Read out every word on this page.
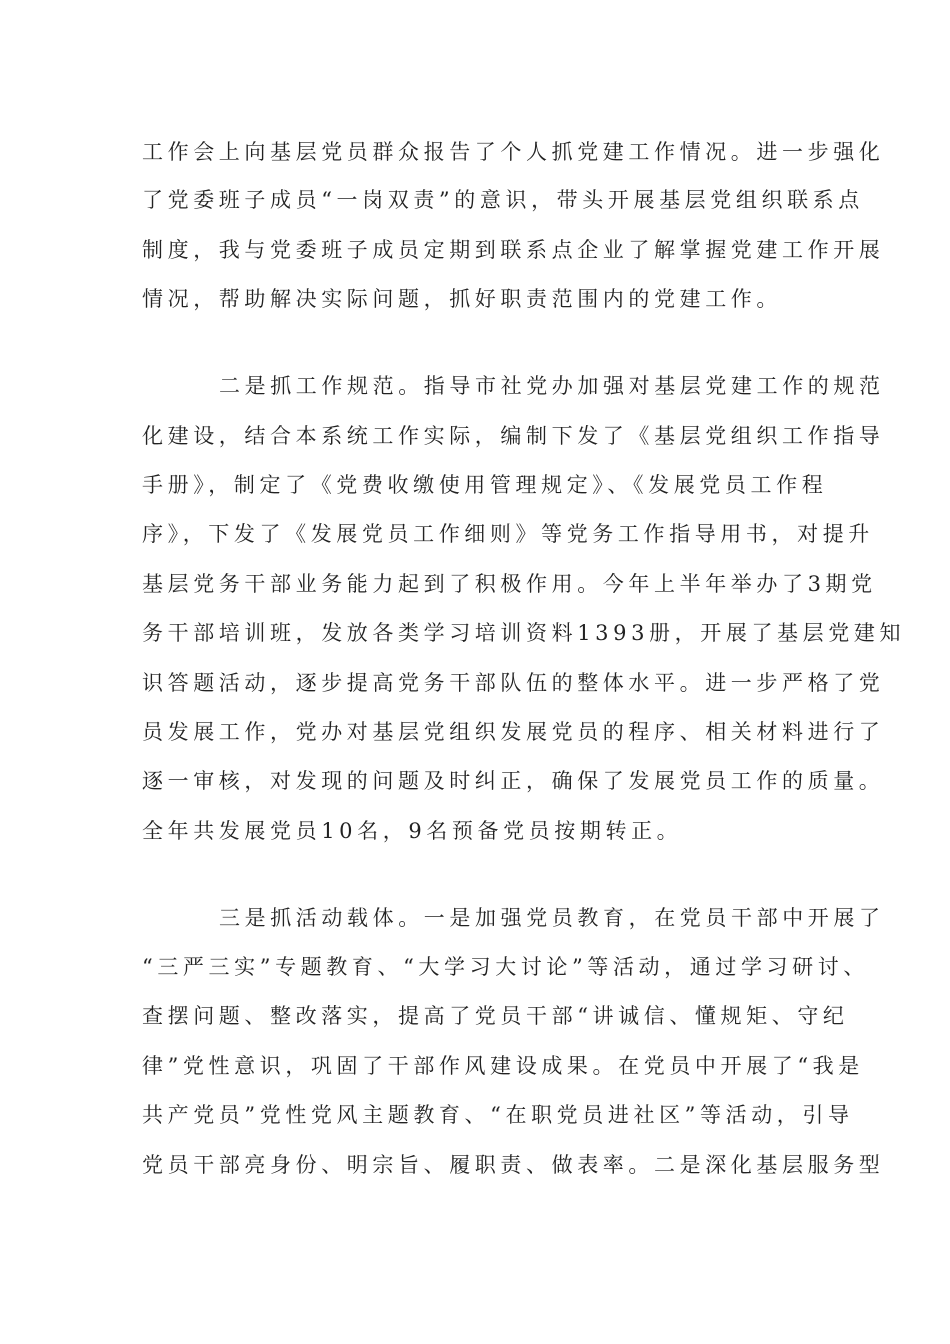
工作会上向基层党员群众报告了个人抓党建工作情况。进一步强化
了党委班子成员“一岗双责”的意识，带头开展基层党组织联系点
制度，我与党委班子成员定期到联系点企业了解掌握党建工作开展
情况，帮助解决实际问题，抓好职责范围内的党建工作。
二是抓工作规范。指导市社党办加强对基层党建工作的规范
化建设，结合本系统工作实际，编制下发了《基层党组织工作指导
手册》，制定了《党费收缴使用管理规定》、《发展党员工作程
序》，下发了《发展党员工作细则》等党务工作指导用书，对提升
基层党务干部业务能力起到了积极作用。今年上半年举办了3期党
务干部培训班，发放各类学习培训资料1393册，开展了基层党建知
识答题活动，逐步提高党务干部队伍的整体水平。进一步严格了党
员发展工作，党办对基层党组织发展党员的程序、相关材料进行了
逐一审核，对发现的问题及时纠正，确保了发展党员工作的质量。
全年共发展党员10名，9名预备党员按期转正。
三是抓活动载体。一是加强党员教育，在党员干部中开展了
“三严三实”专题教育、“大学习大讨论”等活动，通过学习研讨、
查摆问题、整改落实，提高了党员干部“讲诚信、懂规矩、守纪
律”党性意识，巩固了干部作风建设成果。在党员中开展了“我是
共产党员”党性党风主题教育、“在职党员进社区”等活动，引导
党员干部亮身份、明宗旨、履职责、做表率。二是深化基层服务型
